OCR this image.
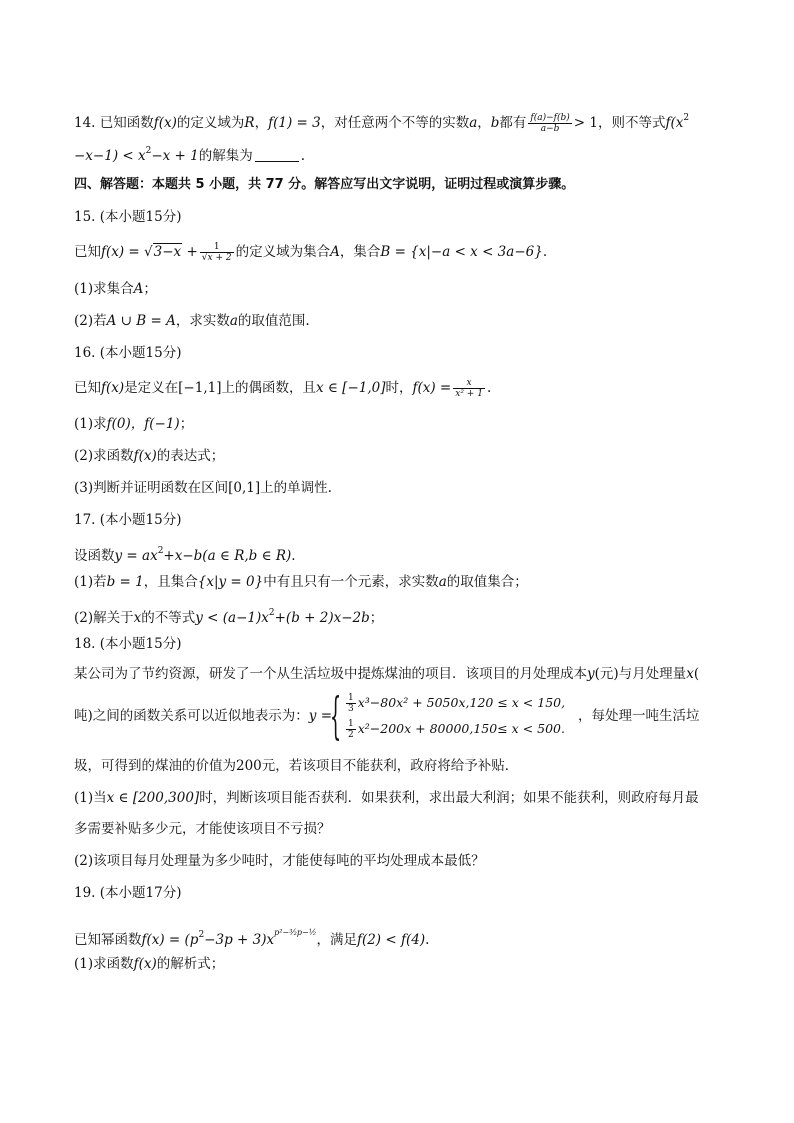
14. 已知函数f(x)的定义域为R，f(1) = 3，对任意两个不等的实数a，b都有 $\frac{f(a)-f(b)}{a-b} > 1$，则不等式$f(x^2$
$-x-1) < x^2-x + 1$的解集为	.
四、解答题：本题共 5 小题，共 77 分。解答应写出文字说明，证明过程或演算步骤。
15. (本小题15分)
已知$f(x) = √3-x + \frac{1}{√x + 2}$ 的定义域为集合A，集合B = {x|−a < x < 3a−6}.
(1)求集合A；
(2)若A ∪ B = A，求实数a的取值范围.
16. (本小题15分)
已知f(x)是定义在[−1,1]上的偶函数，且x ∈ [−1,0]时，$f(x) = \frac{x}{\text{x² + 1}}$ .
(1)求f(0)，f(−1)；
(2)求函数f(x)的表达式；
(3)判断并证明函数在区间[0,1]上的单调性.
17. (本小题15分)
设函数$y = ax^2+x-b(a$ ∈ R,b ∈ R).
(1)若b = 1，且集合{x|y = 0}中有且只有一个元素，求实数a的取值集合；
(2)解关于x的不等式$y < (a-1)x^2+(b + 2)x-2b$；
18. (本小题15分)
某公司为了节约资源，研发了一个从生活垃圾中提炼煤油的项目．该项目的月处理成本y(元)与月处理量x(
吨)之间的函数关系可以近似地表示为：y =
{ $\frac{1}{3} x^3-80x^2 + 5050x,120 \le x < 150$,
$\frac{1}{2} x^2-200x + 80000,150\le x < 500$.
，每处理一吨生活垃
圾，可得到的煤油的价值为200元，若该项目不能获利，政府将给予补贴．
(1)当x ∈ [200,300]时，判断该项目能否获利．如果获利，求出最大利润；如果不能获利，则政府每月最
多需要补贴多少元，才能使该项目不亏损？
(2)该项目每月处理量为多少吨时，才能使每吨的平均处理成本最低？
19. (本小题17分)
已知幂函数$f(x) = (p^2-3p + 3)x^{p^2-^3⁄_2p-\frac{1}{2}}$，满足f(2) < f(4).
(1)求函数f(x)的解析式；
